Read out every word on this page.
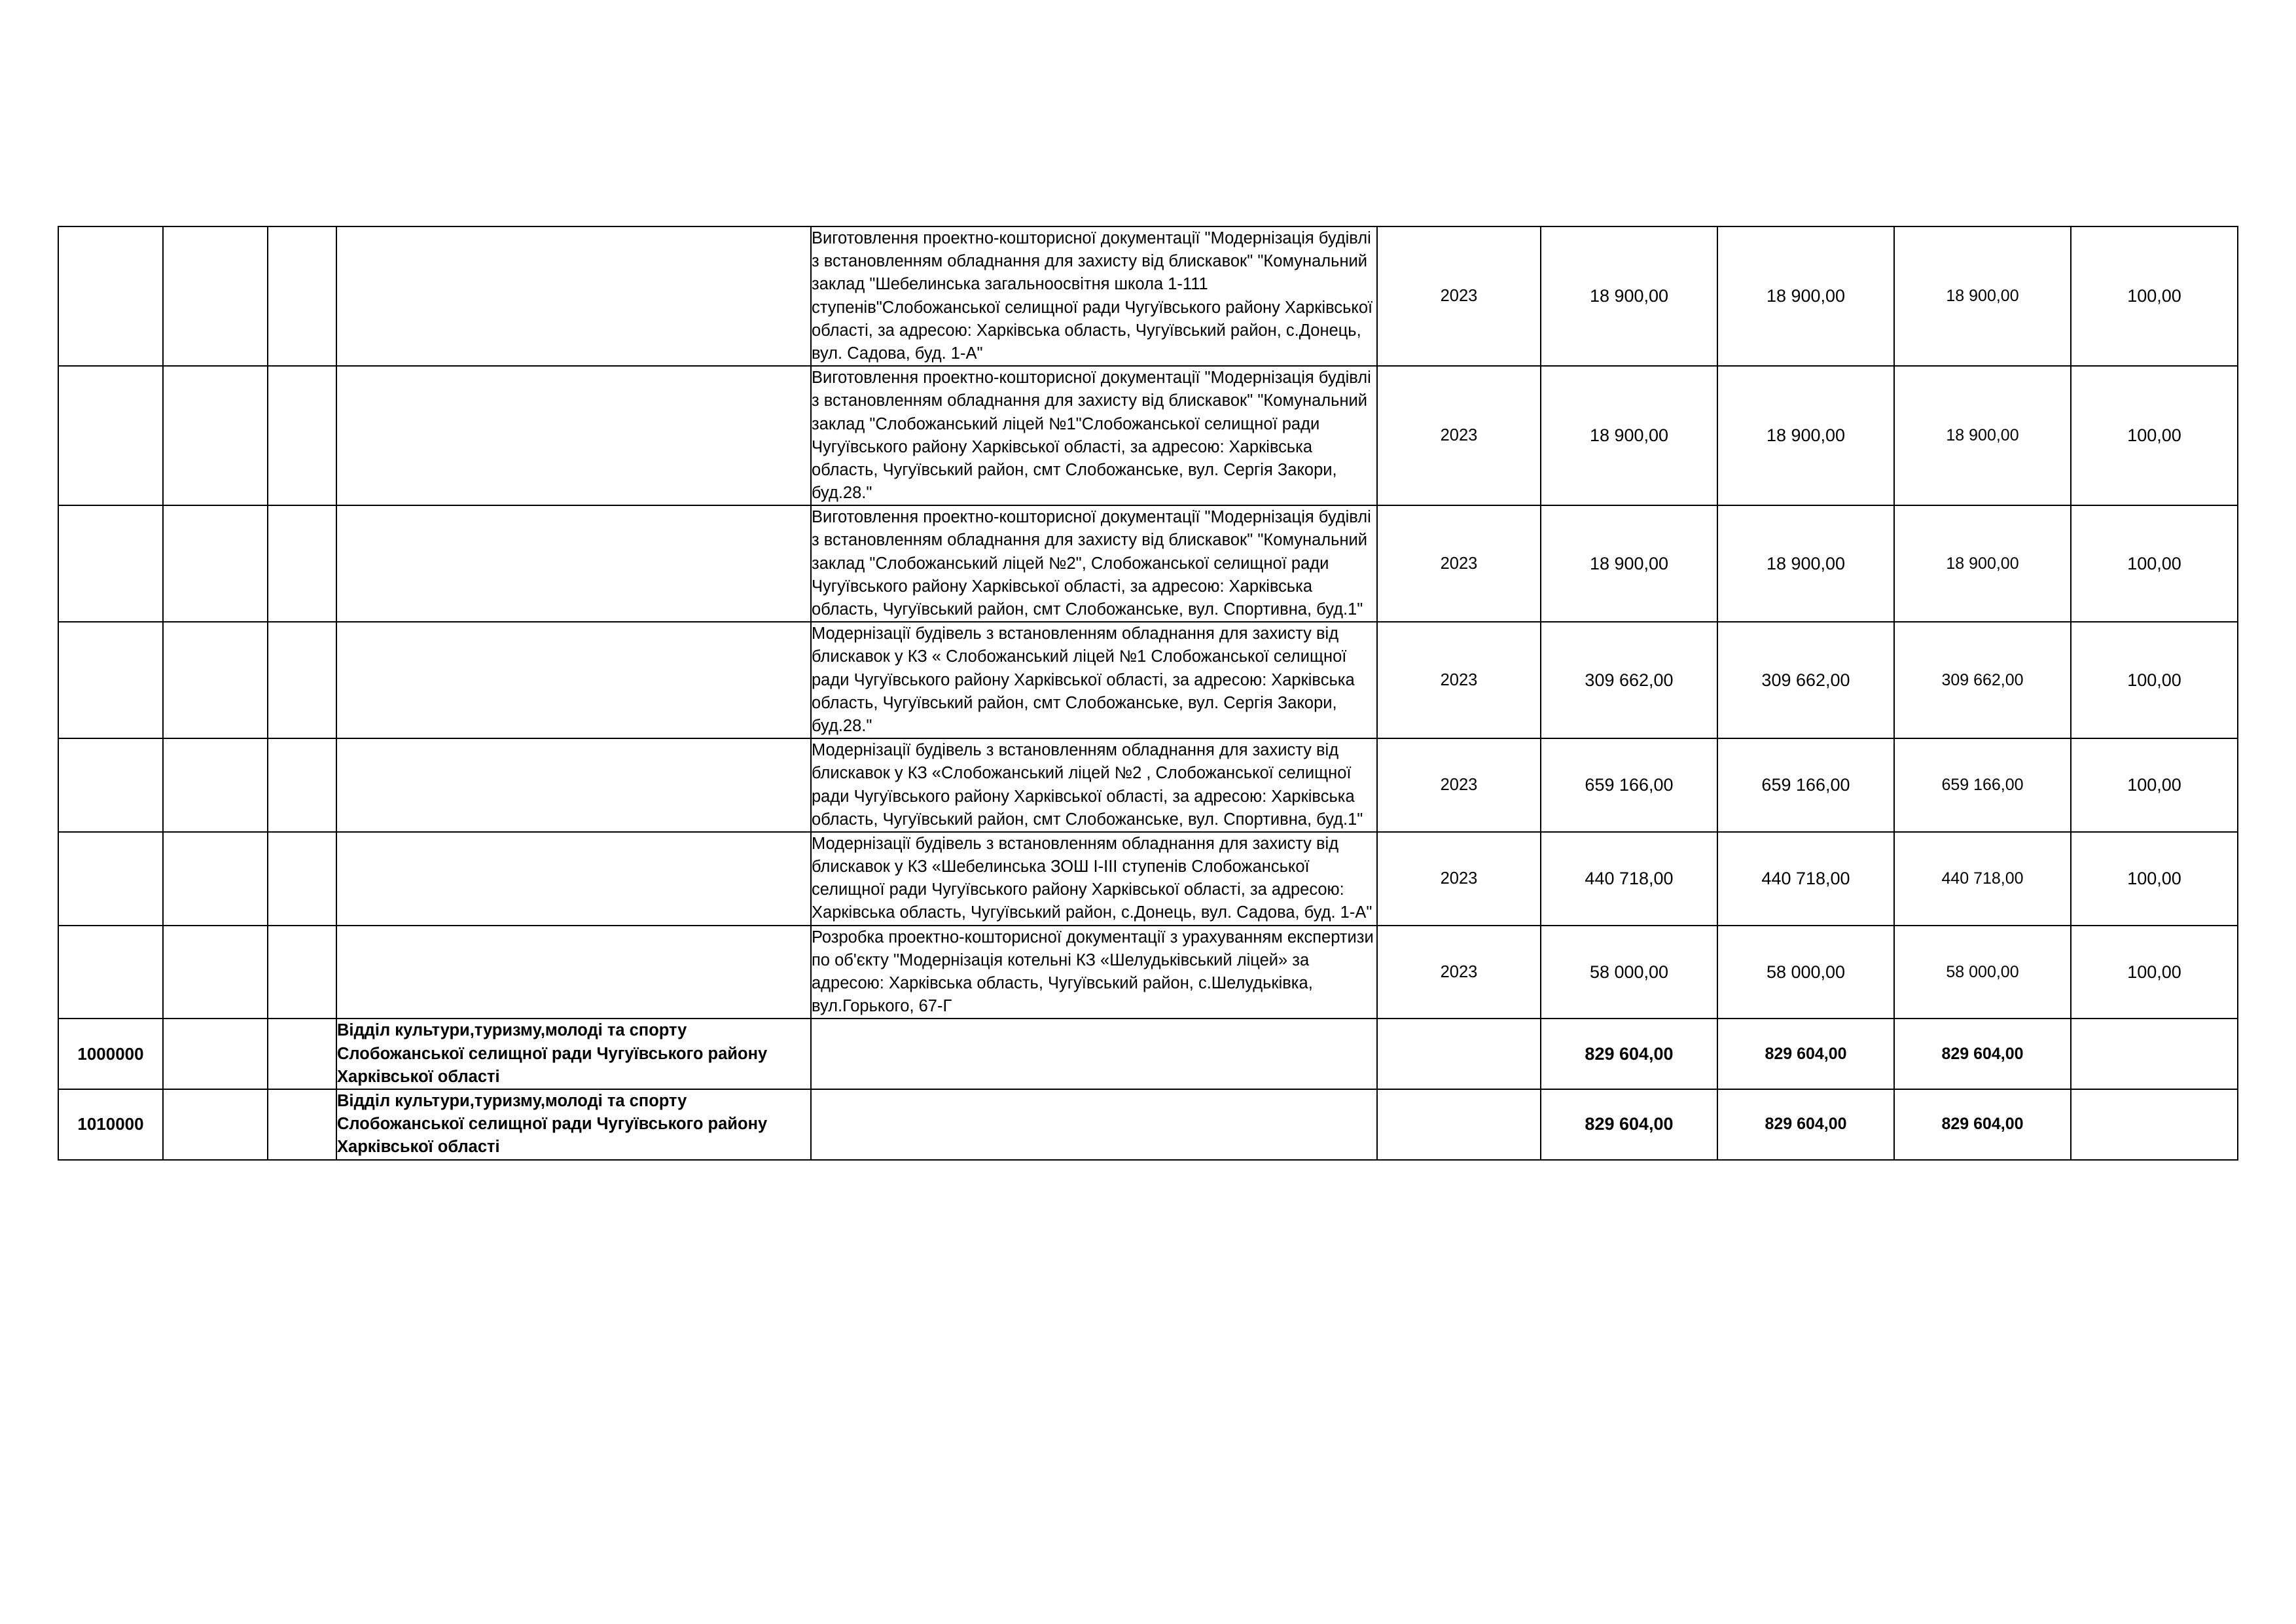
				Виготовлення проектно-кошторисної документації "Модернізація будівлі з встановленням обладнання для захисту від блискавок" "Комунальний заклад "Шебелинська загальноосвітня школа 1-111 ступенів"Слобожанської селищної ради Чугуївського району Харківської області, за адресою: Харківська область, Чугуївський район, с.Донець, вул. Садова, буд. 1-А"	2023	18 900,00	18 900,00	18 900,00	100,00
				Виготовлення проектно-кошторисної документації "Модернізація будівлі з встановленням обладнання для захисту від блискавок" "Комунальний заклад "Слобожанський ліцей №1"Слобожанської селищної ради Чугуївського району Харківської області, за адресою: Харківська область, Чугуївський район, смт Слобожанське, вул. Сергія Закори, буд.28."	2023	18 900,00	18 900,00	18 900,00	100,00
				Виготовлення проектно-кошторисної документації "Модернізація будівлі з встановленням обладнання для захисту від блискавок" "Комунальний заклад "Слобожанський ліцей №2", Слобожанської селищної ради Чугуївського району Харківської області, за адресою: Харківська область, Чугуївський район, смт Слобожанське, вул. Спортивна, буд.1"	2023	18 900,00	18 900,00	18 900,00	100,00
				Модернізації будівель з встановленням обладнання для захисту від блискавок у КЗ « Слобожанський ліцей №1 Слобожанської селищної ради Чугуївського району Харківської області, за адресою: Харківська область, Чугуївський район, смт Слобожанське, вул. Сергія Закори, буд.28."	2023	309 662,00	309 662,00	309 662,00	100,00
				Модернізації будівель з встановленням обладнання для захисту від блискавок у КЗ «Слобожанський ліцей №2 , Слобожанської селищної ради Чугуївського району Харківської області, за адресою: Харківська область, Чугуївський район, смт Слобожанське, вул. Спортивна, буд.1"	2023	659 166,00	659 166,00	659 166,00	100,00
				Модернізації будівель з встановленням обладнання для захисту від блискавок у КЗ «Шебелинська ЗОШ I-III ступенів Слобожанської селищної ради Чугуївського району Харківської області, за адресою: Харківська область, Чугуївський район, с.Донець, вул. Садова, буд. 1-А"	2023	440 718,00	440 718,00	440 718,00	100,00
				Розробка проектно-кошторисної документації з урахуванням експертизи по об'єкту "Модернізація котельні КЗ «Шелудьківський ліцей» за адресою: Харківська область, Чугуївський район, с.Шелудьківка, вул.Горького, 67-Г	2023	58 000,00	58 000,00	58 000,00	100,00
1000000			Відділ культури,туризму,молоді та спорту Слобожанської селищної ради Чугуївського району Харківської області			829 604,00	829 604,00	829 604,00	
1010000			Відділ культури,туризму,молоді та спорту Слобожанської селищної ради Чугуївського району Харківської області			829 604,00	829 604,00	829 604,00	
